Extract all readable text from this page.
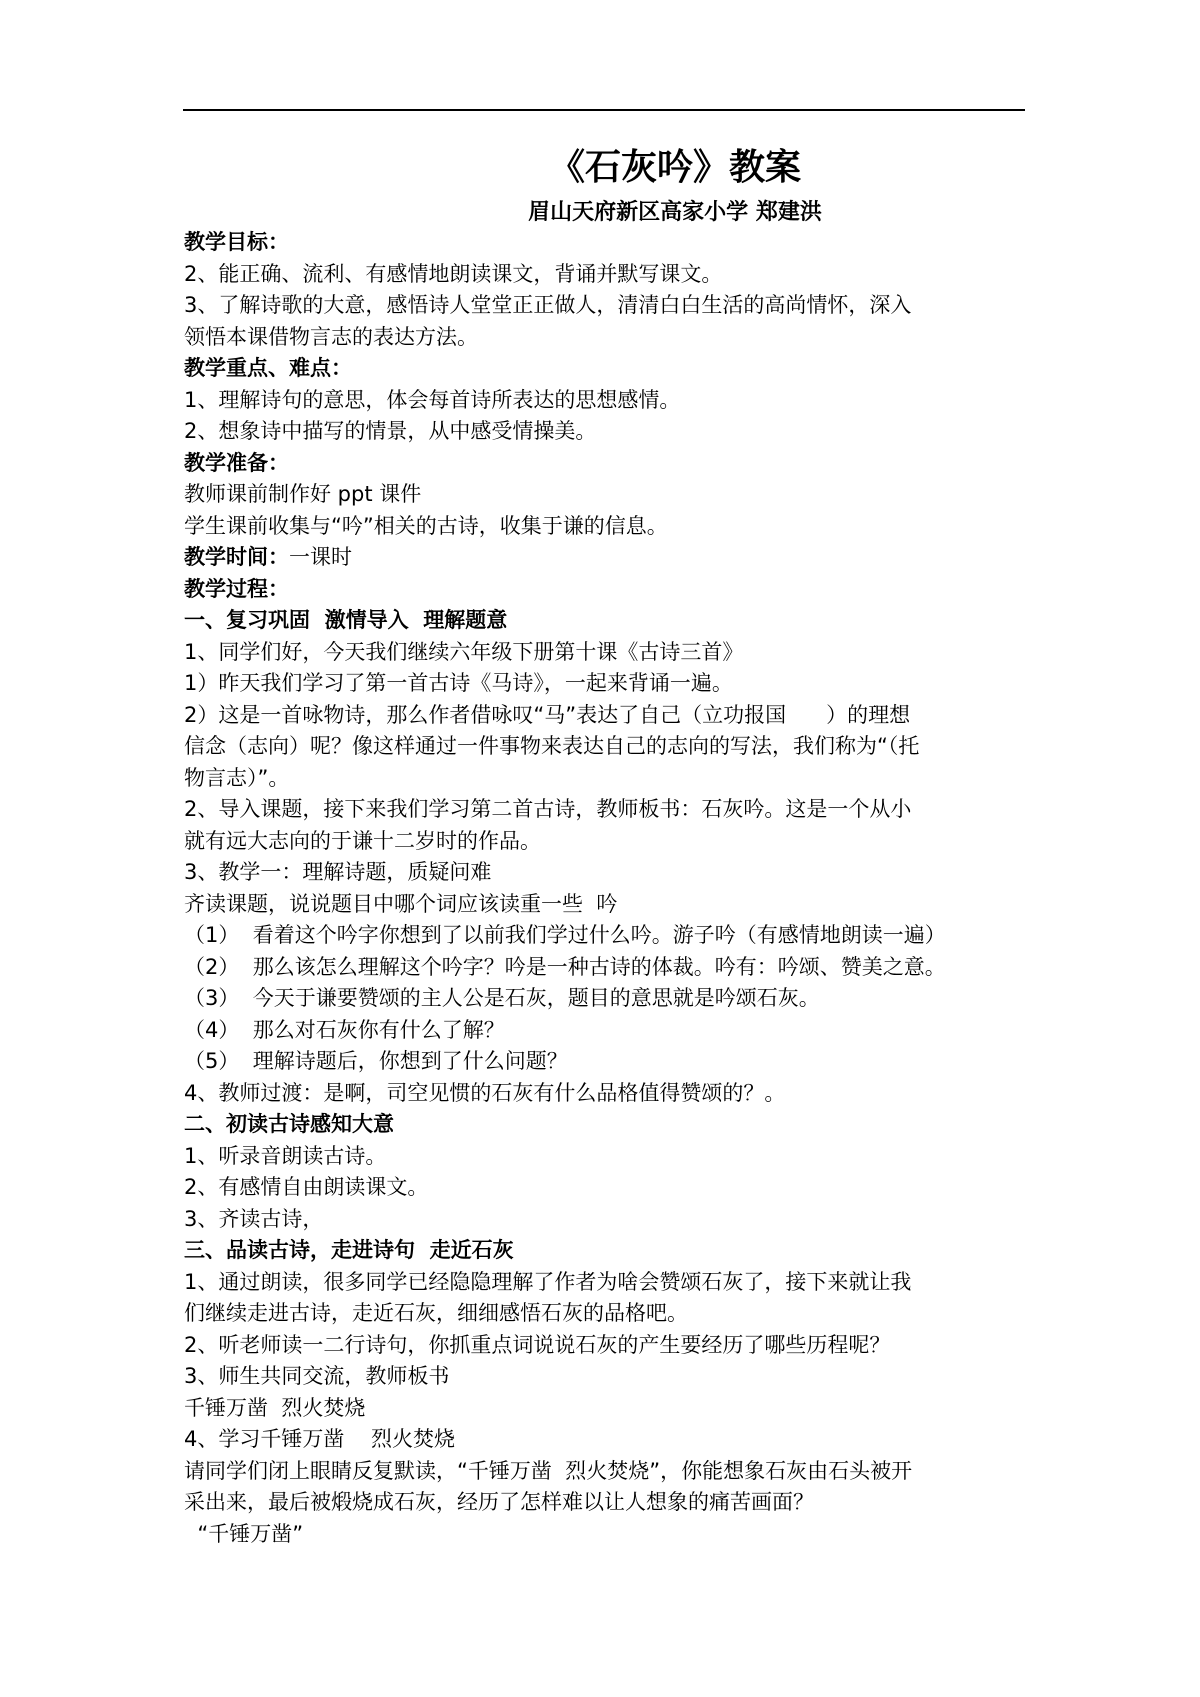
《石灰吟》教案
眉山天府新区高家小学 郑建洪
教学目标：
2、能正确、流利、有感情地朗读课文，背诵并默写课文。
3、了解诗歌的大意，感悟诗人堂堂正正做人，清清白白生活的高尚情怀，深入
领悟本课借物言志的表达方法。
教学重点、难点：
1、理解诗句的意思，体会每首诗所表达的思想感情。
2、想象诗中描写的情景，从中感受情操美。
教学准备：
教师课前制作好 ppt 课件
学生课前收集与“吟”相关的古诗，收集于谦的信息。
教学时间：一课时
教学过程：
一、复习巩固  激情导入  理解题意
1、同学们好，今天我们继续六年级下册第十课《古诗三首》
1）昨天我们学习了第一首古诗《马诗》，一起来背诵一遍。
2）这是一首咏物诗，那么作者借咏叹“马”表达了自己（立功报国      ）的理想
信念（志向）呢？像这样通过一件事物来表达自己的志向的写法，我们称为“（托
物言志）”。
2、导入课题，接下来我们学习第二首古诗，教师板书：石灰吟。这是一个从小
就有远大志向的于谦十二岁时的作品。
3、教学一：理解诗题，质疑问难
齐读课题，说说题目中哪个词应该读重一些  吟
（1）  看着这个吟字你想到了以前我们学过什么吟。游子吟（有感情地朗读一遍）
（2）  那么该怎么理解这个吟字？吟是一种古诗的体裁。吟有：吟颂、赞美之意。
（3）  今天于谦要赞颂的主人公是石灰，题目的意思就是吟颂石灰。
（4）  那么对石灰你有什么了解？
（5）  理解诗题后，你想到了什么问题？
4、教师过渡：是啊，司空见惯的石灰有什么品格值得赞颂的？。
二、初读古诗感知大意
1、听录音朗读古诗。
2、有感情自由朗读课文。
3、齐读古诗，
三、品读古诗，走进诗句  走近石灰
1、通过朗读，很多同学已经隐隐理解了作者为啥会赞颂石灰了，接下来就让我
们继续走进古诗，走近石灰，细细感悟石灰的品格吧。
2、听老师读一二行诗句，你抓重点词说说石灰的产生要经历了哪些历程呢？
3、师生共同交流，教师板书
千锤万凿  烈火焚烧
4、学习千锤万凿    烈火焚烧
请同学们闭上眼睛反复默读，“千锤万凿  烈火焚烧”，你能想象石灰由石头被开
采出来，最后被煅烧成石灰，经历了怎样难以让人想象的痛苦画面？
“千锤万凿”
